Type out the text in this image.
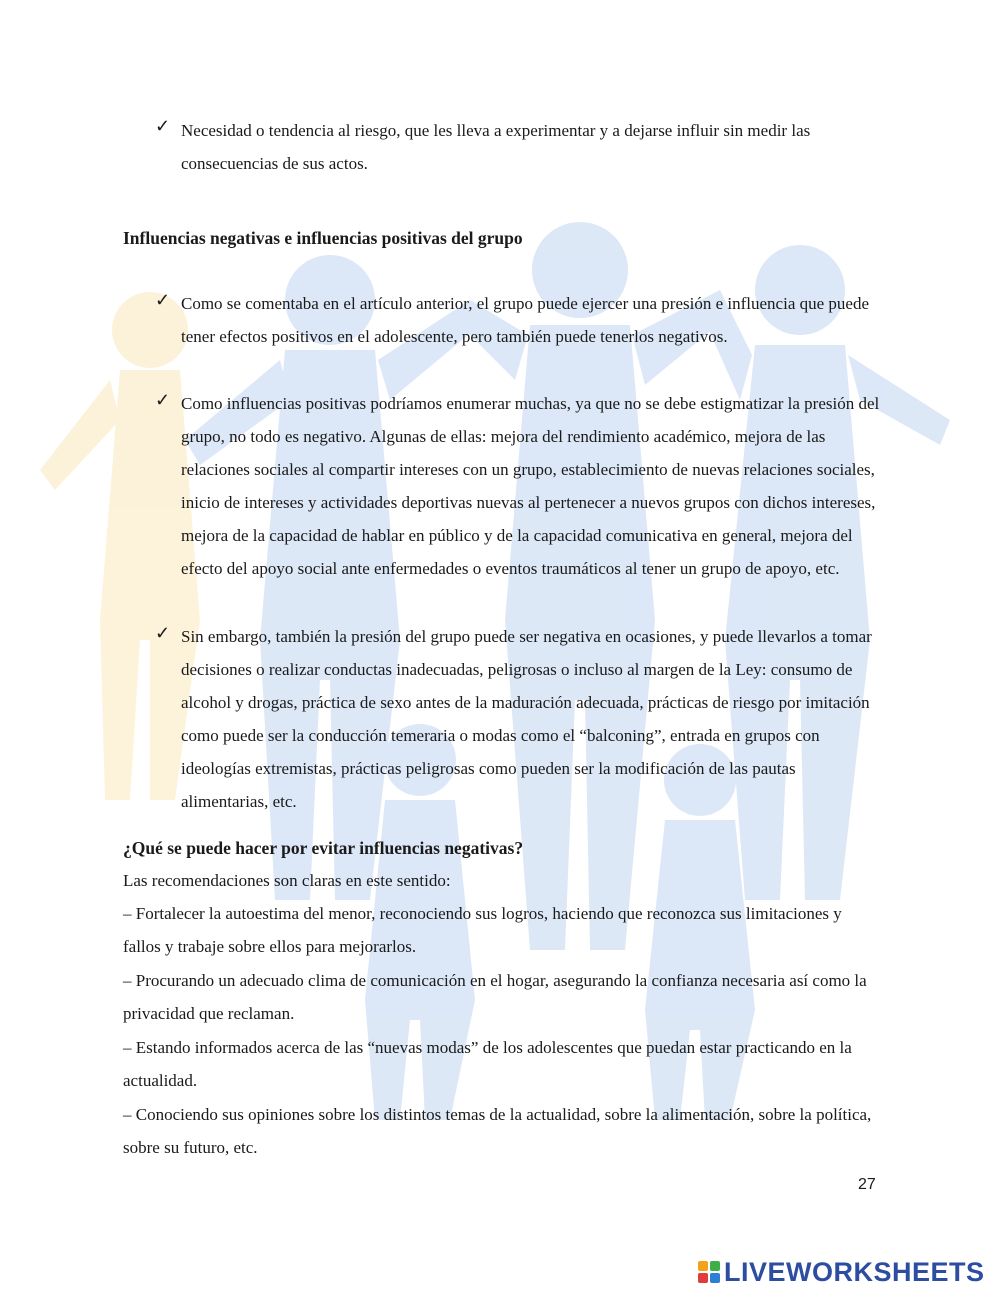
✓ Necesidad o tendencia al riesgo, que les lleva a experimentar y a dejarse influir sin medir las consecuencias de sus actos.

Influencias negativas e influencias positivas del grupo
✓ Como se comentaba en el artículo anterior, el grupo puede ejercer una presión e influencia que puede tener efectos positivos en el adolescente, pero también puede tenerlos negativos.

✓ Como influencias positivas podríamos enumerar muchas, ya que no se debe estigmatizar la presión del grupo, no todo es negativo. Algunas de ellas: mejora del rendimiento académico, mejora de las relaciones sociales al compartir intereses con un grupo, establecimiento de nuevas relaciones sociales, inicio de intereses y actividades deportivas nuevas al pertenecer a nuevos grupos con dichos intereses, mejora de la capacidad de hablar en público y de la capacidad comunicativa en general, mejora del efecto del apoyo social ante enfermedades o eventos traumáticos al tener un grupo de apoyo, etc.

✓ Sin embargo, también la presión del grupo puede ser negativa en ocasiones, y puede llevarlos a tomar decisiones o realizar conductas inadecuadas, peligrosas o incluso al margen de la Ley: consumo de alcohol y drogas, práctica de sexo antes de la maduración adecuada, prácticas de riesgo por imitación como puede ser la conducción temeraria o modas como el “balconing”, entrada en grupos con ideologías extremistas, prácticas peligrosas como pueden ser la modificación de las pautas alimentarias, etc.

¿Qué se puede hacer por evitar influencias negativas?

Las recomendaciones son claras en este sentido:

– Fortalecer la autoestima del menor, reconociendo sus logros, haciendo que reconozca sus limitaciones y fallos y trabaje sobre ellos para mejorarlos.

– Procurando un adecuado clima de comunicación en el hogar, asegurando la confianza necesaria así como la privacidad que reclaman.

– Estando informados acerca de las “nuevas modas” de los adolescentes que puedan estar practicando en la actualidad.

– Conociendo sus opiniones sobre los distintos temas de la actualidad, sobre la alimentación, sobre la política, sobre su futuro, etc.

27
LIVEWORKSHEETS
